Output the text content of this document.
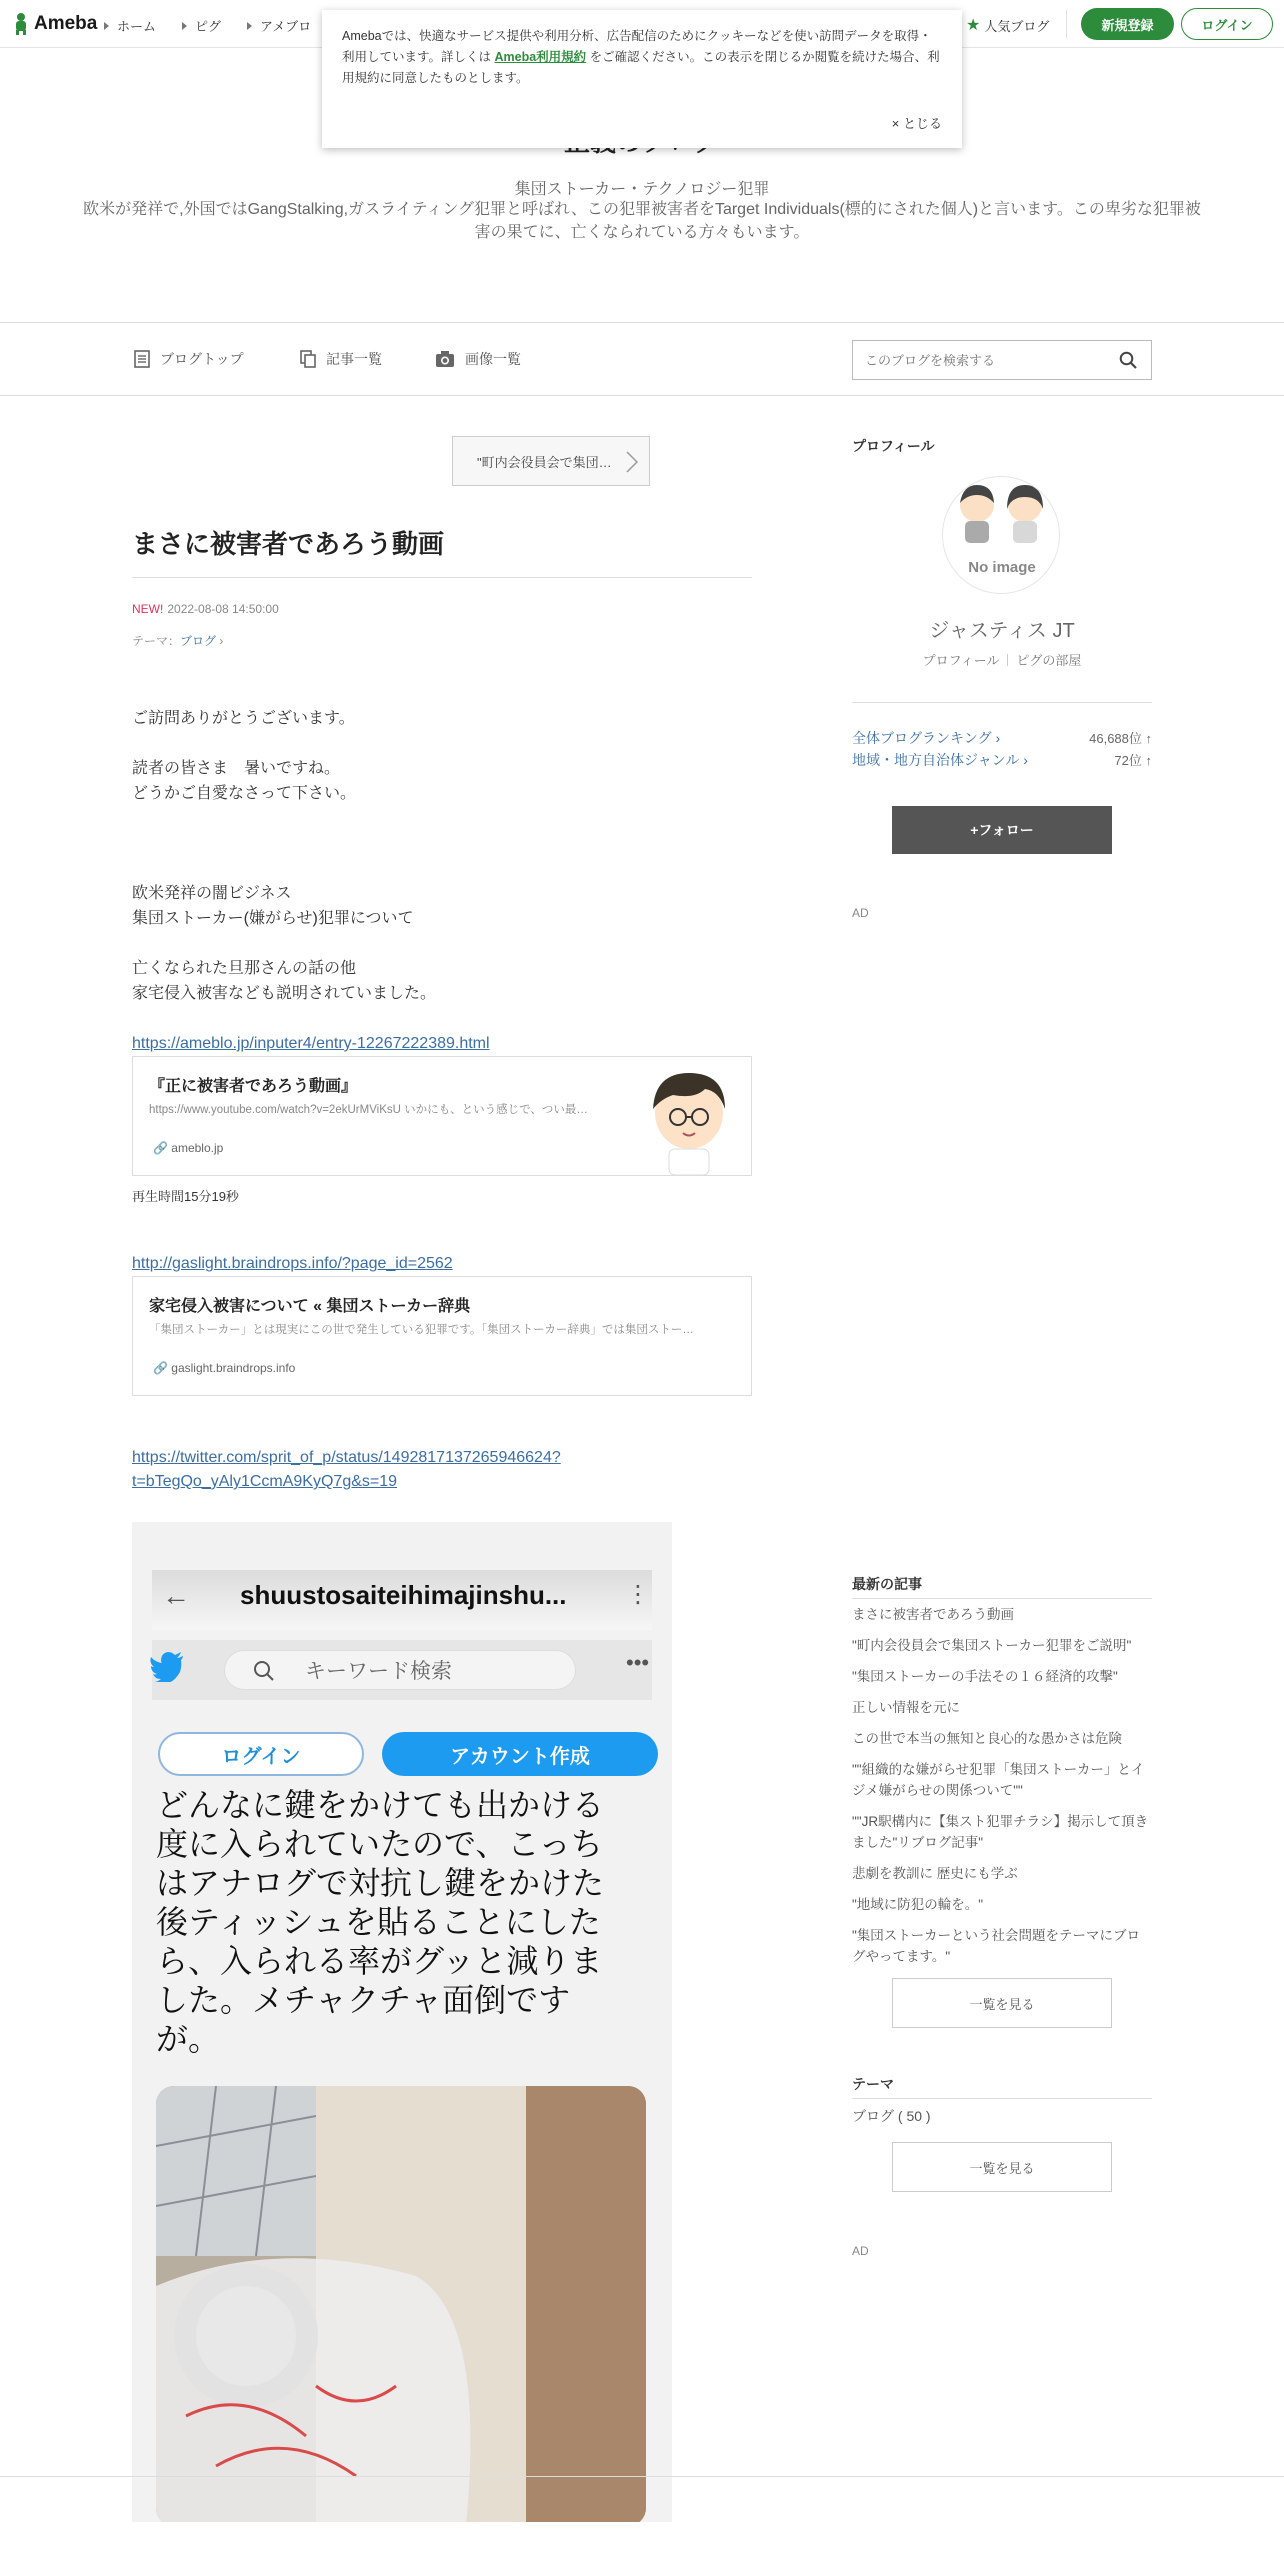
Ameba	ホーム	ピグ	アメブロ	★ 人気ブログ	新規登録	ログイン
Amebaでは、快適なサービス提供や利用分析、広告配信のためにクッキーなどを使い訪問データを取得・利用しています。詳しくは Ameba利用規約 をご確認ください。この表示を閉じるか閲覧を続けた場合、利用規約に同意したものとします。
× とじる
集団ストーカー・テクノロジー犯罪
欧米が発祥で,外国ではGangStalking,ガスライティング犯罪と呼ばれ、この犯罪被害者をTarget Individuals(標的にされた個人)と言います。この卑劣な犯罪被害の果てに、亡くなられている方々もいます。
ブログトップ	記事一覧	画像一覧
このブログを検索する
"町内会役員会で集団…
まさに被害者であろう動画
NEW! 2022-08-08 14:50:00
テーマ：ブログ ›
ご訪問ありがとうございます。
読者の皆さま　暑いですね。
どうかご自愛なさって下さい。
欧米発祥の闇ビジネス
集団ストーカー(嫌がらせ)犯罪について
亡くなられた旦那さんの話の他
家宅侵入被害なども説明されていました。
https://ameblo.jp/inputer4/entry-12267222389.html
『正に被害者であろう動画』
https://www.youtube.com/watch?v=2ekUrMViKsU いかにも、という感じで、つい最…
🔗 ameblo.jp
再生時間15分19秒
http://gaslight.braindrops.info/?page_id=2562
家宅侵入被害について « 集団ストーカー辞典
「集団ストーカー」とは現実にこの世で発生している犯罪です。「集団ストーカー辞典」では集団ストー…
🔗 gaslight.braindrops.info
https://twitter.com/sprit_of_p/status/1492817137265946624?
t=bTegQo_yAly1CcmA9KyQ7g&s=19
← shuustosaiteihimajinshu... ⋮
キーワード検索	•••
ログイン	アカウント作成
どんなに鍵をかけても出かける度に入られていたので、こっちはアナログで対抗し鍵をかけた後ティッシュを貼ることにしたら、入られる率がグッと減りました。メチャクチャ面倒ですが。
プロフィール
No image
ジャスティス JT
プロフィール ピグの部屋
全体ブログランキング ›	46,688位 ↑
地域・地方自治体ジャンル ›	72位 ↑
+フォロー
AD
最新の記事
まさに被害者であろう動画
"町内会役員会で集団ストーカー犯罪をご説明"
"集団ストーカーの手法その１６経済的攻撃"
正しい情報を元に
この世で本当の無知と良心的な愚かさは危険
""組織的な嫌がらせ犯罪「集団ストーカー」とイジメ嫌がらせの関係ついて""
""JR駅構内に【集スト犯罪チラシ】掲示して頂きました"リブログ記事"
悲劇を教訓に 歴史にも学ぶ
"地域に防犯の輪を。"
"集団ストーカーという社会問題をテーマにブログやってます。"
一覧を見る
テーマ
ブログ ( 50 )
一覧を見る
AD
